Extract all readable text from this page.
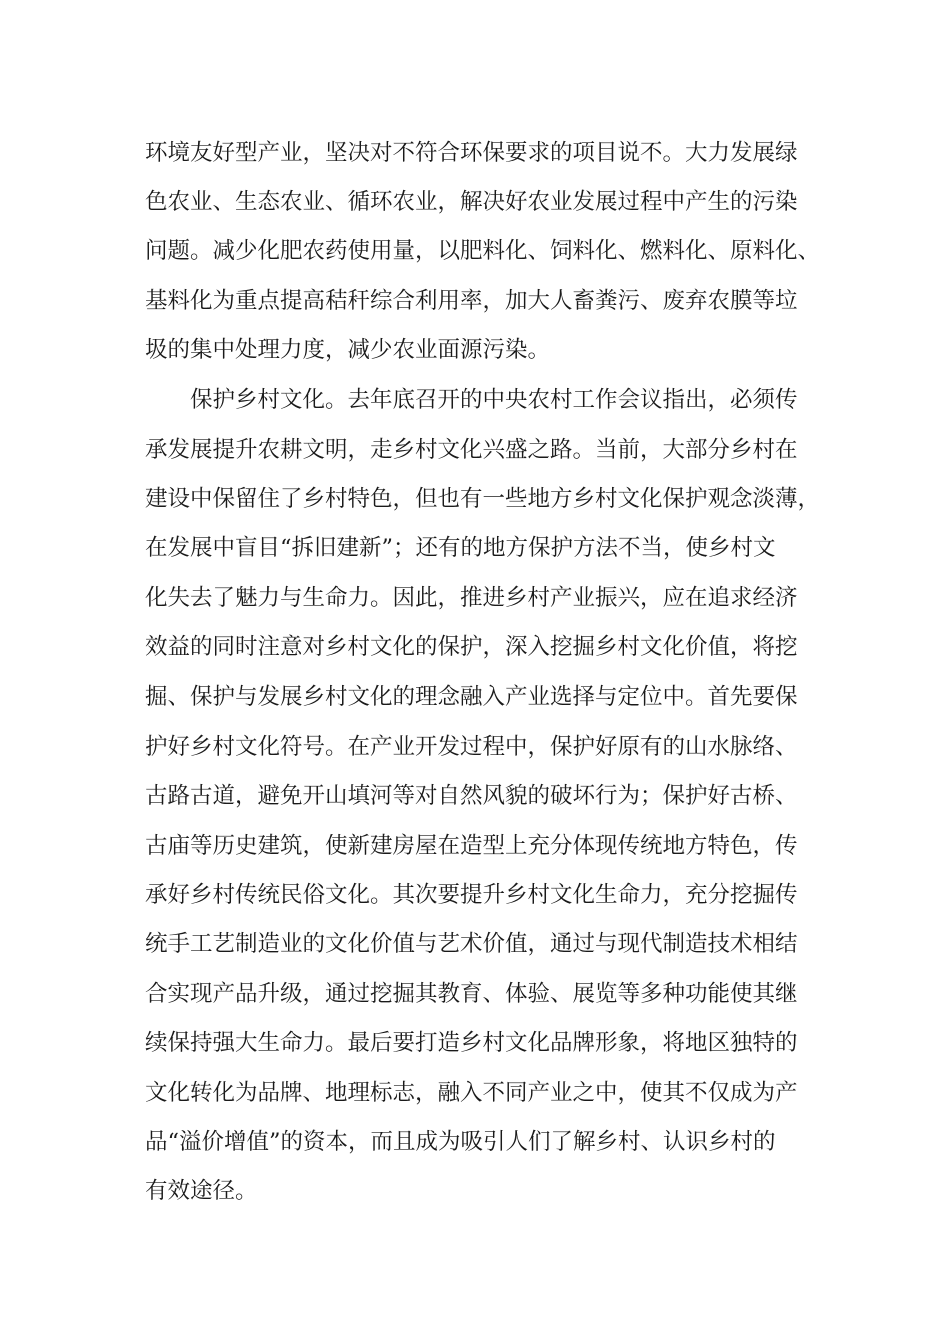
环境友好型产业，坚决对不符合环保要求的项目说不。大力发展绿
色农业、生态农业、循环农业，解决好农业发展过程中产生的污染
问题。减少化肥农药使用量，以肥料化、饲料化、燃料化、原料化、
基料化为重点提高秸秆综合利用率，加大人畜粪污、废弃农膜等垃
圾的集中处理力度，减少农业面源污染。
保护乡村文化。去年底召开的中央农村工作会议指出，必须传
承发展提升农耕文明，走乡村文化兴盛之路。当前，大部分乡村在
建设中保留住了乡村特色，但也有一些地方乡村文化保护观念淡薄，
在发展中盲目“拆旧建新”；还有的地方保护方法不当，使乡村文
化失去了魅力与生命力。因此，推进乡村产业振兴，应在追求经济
效益的同时注意对乡村文化的保护，深入挖掘乡村文化价值，将挖
掘、保护与发展乡村文化的理念融入产业选择与定位中。首先要保
护好乡村文化符号。在产业开发过程中，保护好原有的山水脉络、
古路古道，避免开山填河等对自然风貌的破坏行为；保护好古桥、
古庙等历史建筑，使新建房屋在造型上充分体现传统地方特色，传
承好乡村传统民俗文化。其次要提升乡村文化生命力，充分挖掘传
统手工艺制造业的文化价值与艺术价值，通过与现代制造技术相结
合实现产品升级，通过挖掘其教育、体验、展览等多种功能使其继
续保持强大生命力。最后要打造乡村文化品牌形象，将地区独特的
文化转化为品牌、地理标志，融入不同产业之中，使其不仅成为产
品“溢价增值”的资本，而且成为吸引人们了解乡村、认识乡村的
有效途径。
